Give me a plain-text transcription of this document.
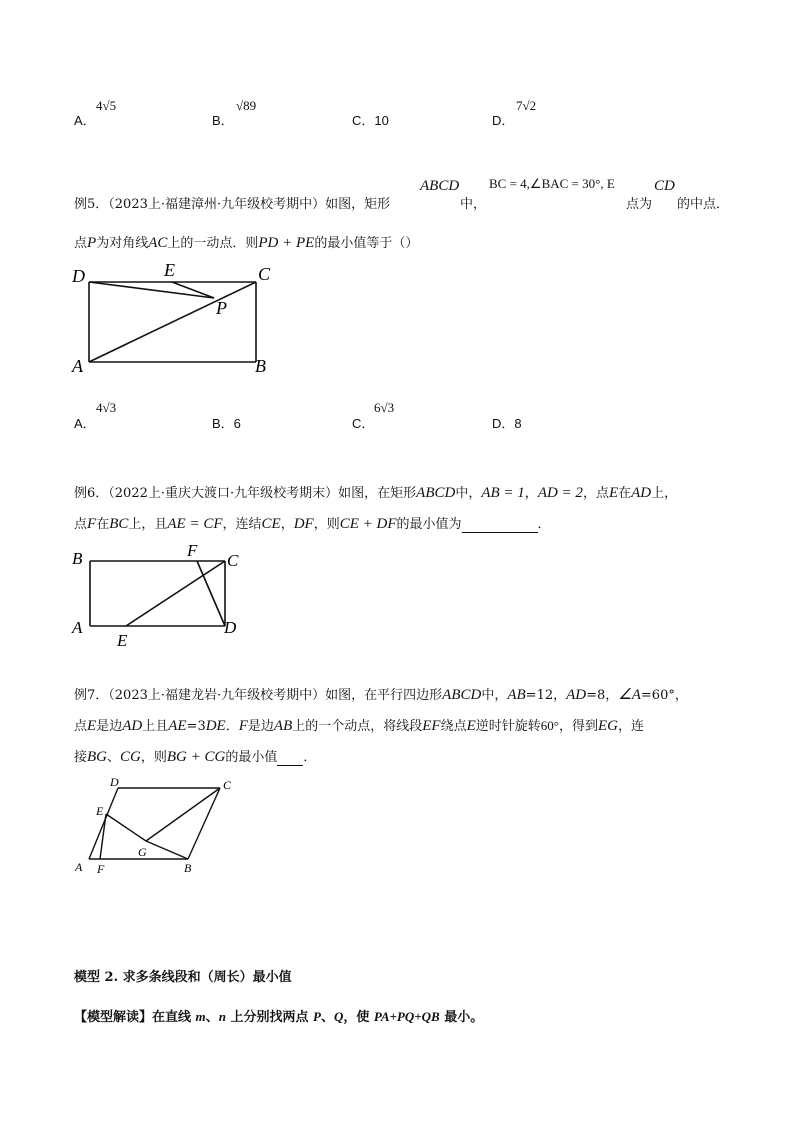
A．
4√5
B．
√89
C．10	D．
7√2
例5．（2023上·福建漳州·九年级校考期中）如图，矩形
ABCD
中，
BC = 4,∠BAC = 30°, E
点为
CD
的中点．
点P为对角线AC上的一动点．则PD + PE的最小值等于（）
D	E	C
P
A	B
A．
4√3
B．6	C．
6√3
D．8
例6．（2022上·重庆大渡口·九年级校考期末）如图，在矩形ABCD中，AB = 1，AD = 2，点E在AD上，
点F在BC上，且AE = CF，连结CE，DF，则CE + DF的最小值为	．
B	F
C
A
E
D
例7．（2023上·福建龙岩·九年级校考期中）如图，在平行四边形ABCD中，AB=12，AD=8，∠A=60°，
点E是边AD上且AE=3DE．F是边AB上的一个动点，将线段EF绕点E逆时针旋转60°，得到EG，连
接BG、CG，则BG + CG的最小值 ．
D	C
E
G
A F	B
模型 2. 求多条线段和（周长）最小值
【模型解读】在直线 m、n 上分别找两点 P、Q，使 PA+PQ+QB 最小。
